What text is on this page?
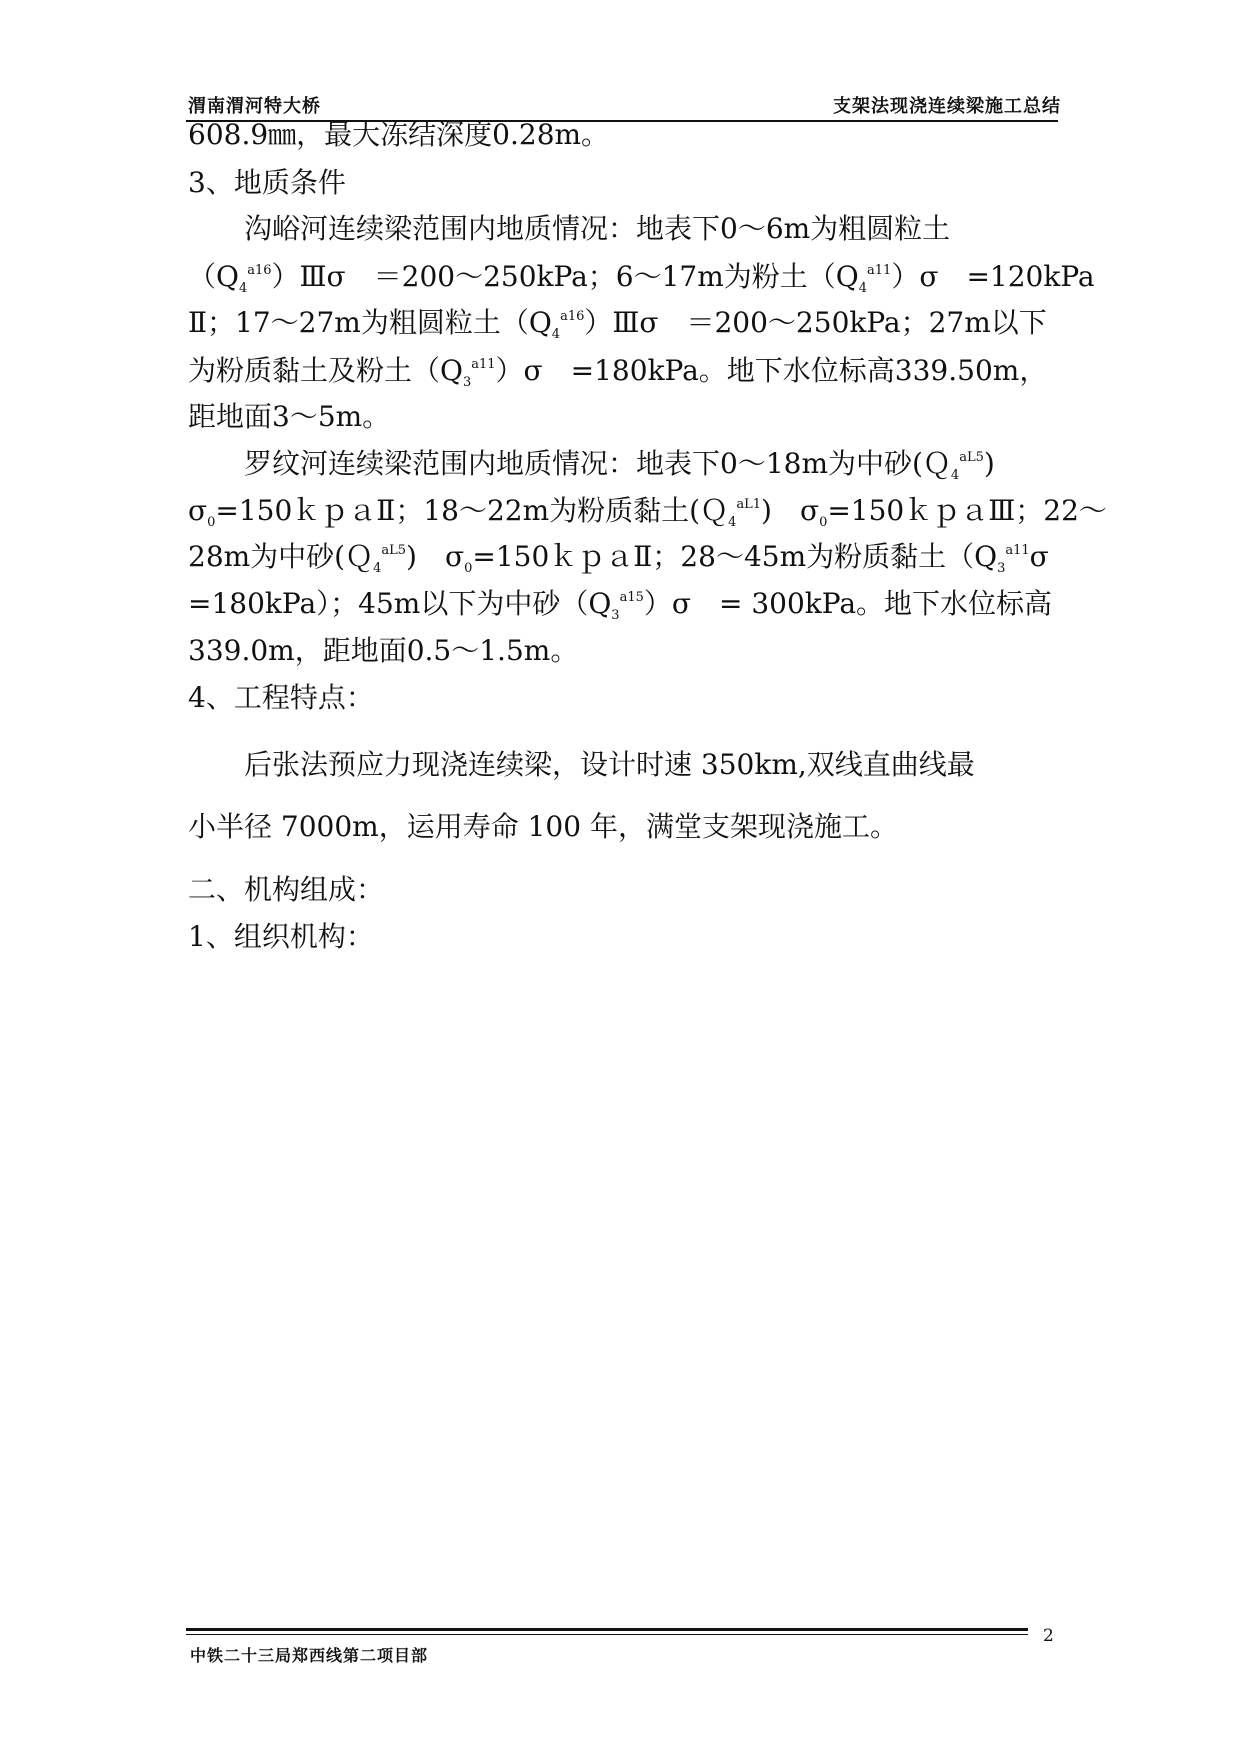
渭南渭河特大桥	支架法现浇连续梁施工总结
608.9㎜，最大冻结深度0.28m。
3、地质条件
沟峪河连续梁范围内地质情况：地表下0～6m为粗圆粒土
$(Q_4^{a16})Ⅲ\sigma$　＝200～250kPa；6～17m为粉土$(Q_4^{a11})\sigma$　=120kPa
Ⅱ；17～27m为粗圆粒土$(Q_4^{a16})Ⅲ\sigma$　＝200～250kPa；27m以下
为粉质黏土及粉土$(Q_3^{a11})\sigma$　=180kPa。地下水位标高339.50m，
距地面3～5m。
罗纹河连续梁范围内地质情况：地表下0～18m为中砂(Ｑ$_4^{aL5}$)
$\sigma_0=150kpaⅡ$；18～22m为粉质黏土(Ｑ$_4^{aL1}$)　$\sigma_0=150kpaⅢ$；22～
28m为中砂(Ｑ$_4^{aL5}$)　$\sigma_0=150kpaⅡ$；28～45m为粉质黏土（$Q_3^{a11}\sigma$
=180kPa）；45m以下为中砂$(Q_3^{a15})\sigma$　= 300kPa。地下水位标高
339.0m，距地面0.5～1.5m。
4、工程特点：
后张法预应力现浇连续梁，设计时速 350km,双线直曲线最
小半径 7000m，运用寿命 100 年，满堂支架现浇施工。
二、机构组成：
1、组织机构：
中铁二十三局郑西线第二项目部
2
